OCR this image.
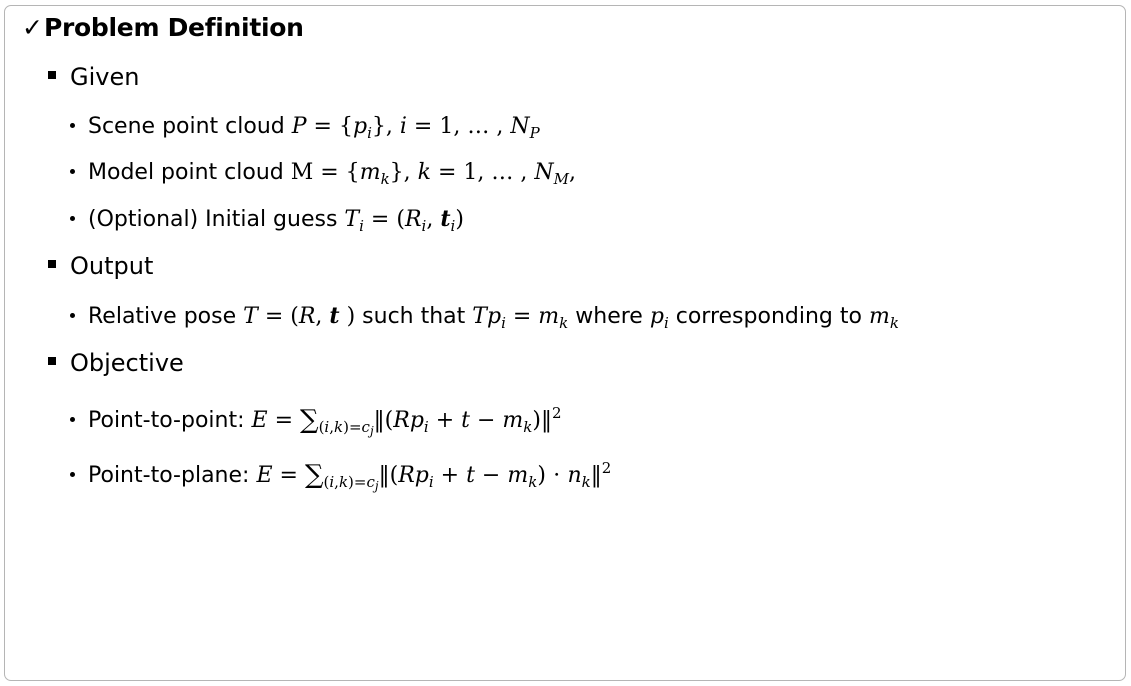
✓Problem Definition
Given
Scene point cloud $P = \{p_i\}$, i = 1, … , $N_P$
Model point cloud $M = \{m_k\}$, k = 1, … , $N_M$,
(Optional) Initial guess $T_i = (R_i$, $t_i$)
Output
Relative pose T = (R, t ) such that $Tp_i = m_k$ where $p_i$ corresponding to $m_k$
Objective
Point-to-point: $E = \sum_{(i,k)=c_j}‖(Rp_i + t$ − $m_k)‖^2$
Point-to-plane: $E = \sum_{(i,k)=c_j}‖(Rp_i + t - m_k)$ ⋅ $n_k‖^2$
